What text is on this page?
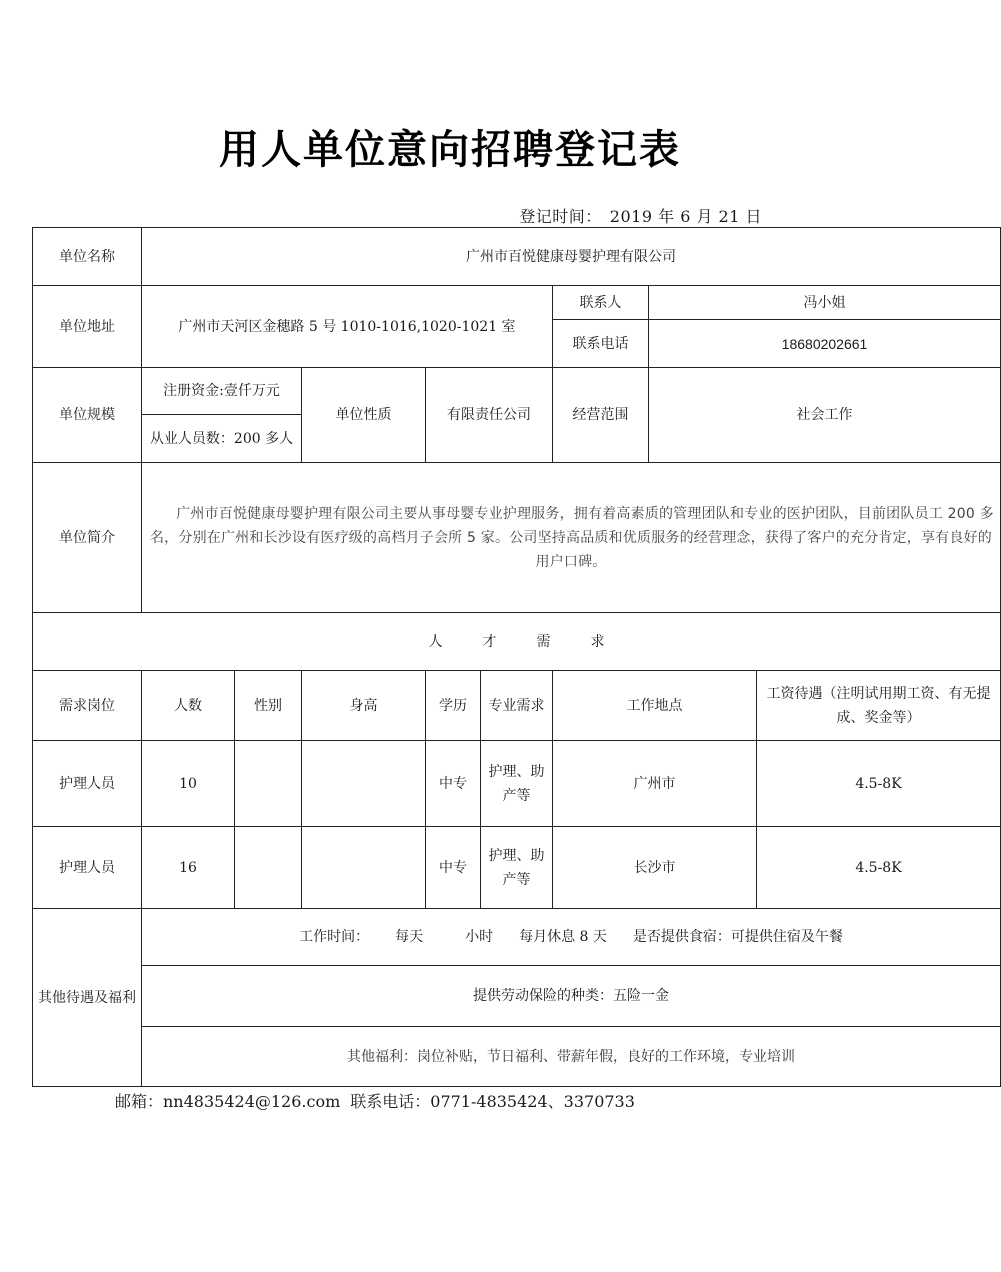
用人单位意向招聘登记表
登记时间： 2019 年 6 月 21 日
单位名称	广州市百悦健康母婴护理有限公司							
单位地址	广州市天河区金穗路 5 号 1010-1016,1020-1021 室					联系人	冯小姐	
						联系电话	18680202661	
单位规模	注册资金:壹仟万元		单位性质	有限责任公司		经营范围	社会工作	
	从业人员数：200 多人							
单位简介	广州市百悦健康母婴护理有限公司主要从事母婴专业护理服务，拥有着高素质的管理团队和专业的医护团队，目前团队员工 200 多名，分别在广州和长沙设有医疗级的高档月子会所 5 家。公司坚持高品质和优质服务的经营理念，获得了客户的充分肯定，享有良好的用户口碑。							
人 才 需 求								
需求岗位	人数	性别	身高	学历	专业需求	工作地点		工资待遇（注明试用期工资、有无提成、奖金等）
护理人员	10			中专	护理、助产等	广州市		4.5-8K
护理人员	16			中专	护理、助产等	长沙市		4.5-8K
其他待遇及福利	工作时间： 每天 小时 每月休息 8 天 是否提供食宿：可提供住宿及午餐							
	提供劳动保险的种类：五险一金							
	其他福利：岗位补贴，节日福利、带薪年假，良好的工作环境，专业培训							
邮箱：nn4835424@126.com 联系电话：0771-4835424、3370733
